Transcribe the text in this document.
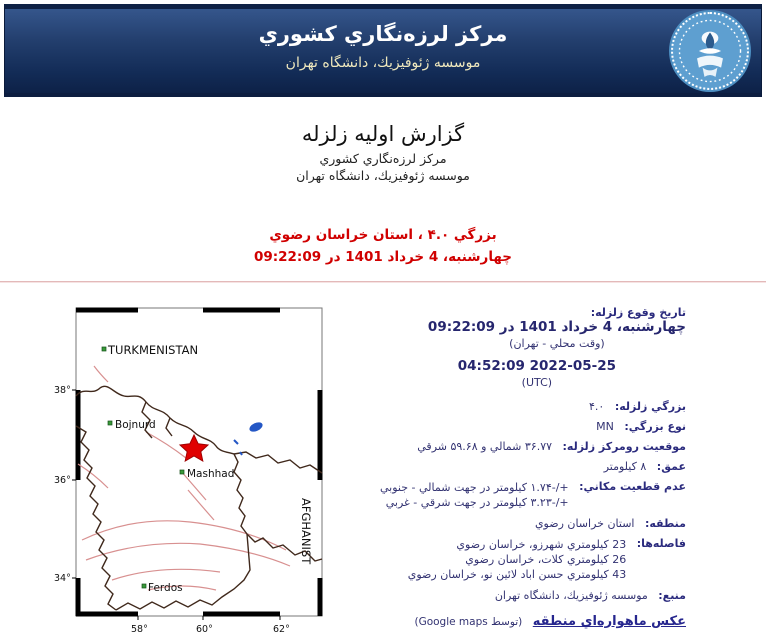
مركز لرزه‌نگاري كشوري
موسسه ژئوفيزيك، دانشگاه تهران
گزارش اوليه زلزله
مركز لرزه‌نگاري كشوري
موسسه ژئوفيزيك، دانشگاه تهران
بزرگي ۴.۰ ، استان خراسان رضوي
چهارشنبه، 4 خرداد 1401 در 09:22:09
TURKMENISTAN
Bojnurd
Mashhad
Ferdos
AFGHANIST
38°
36°
34°
58°	60°	62°
تاريخ وقوع زلزله:
چهارشنبه، 4 خرداد 1401 در 09:22:09
(وقت محلي - تهران)
2022-05-25 04:52:09
(UTC)
بزرگي زلزله: ۴.۰
نوع بزرگي: MN
موقعيت رومركز زلزله: ۳۶.۷۷ شمالي و ۵۹.۶۸ شرقي
عمق: ۸ كيلومتر
عدم قطعيت مكاني:
+/-۱.۷۴ كيلومتر در جهت شمالي - جنوبي
+/-۳.۲۳ كيلومتر در جهت شرقي - غربي
منطقه: استان خراسان رضوي
فاصله‌ها:
23 كيلومتري شهرزو، خراسان رضوي
26 كيلومتري كلات، خراسان رضوي
43 كيلومتري حسن اباد لائين نو، خراسان رضوي
منبع: موسسه ژئوفيزيك، دانشگاه تهران
عكس ماهواره‌اي منطقه (توسط Google maps)
